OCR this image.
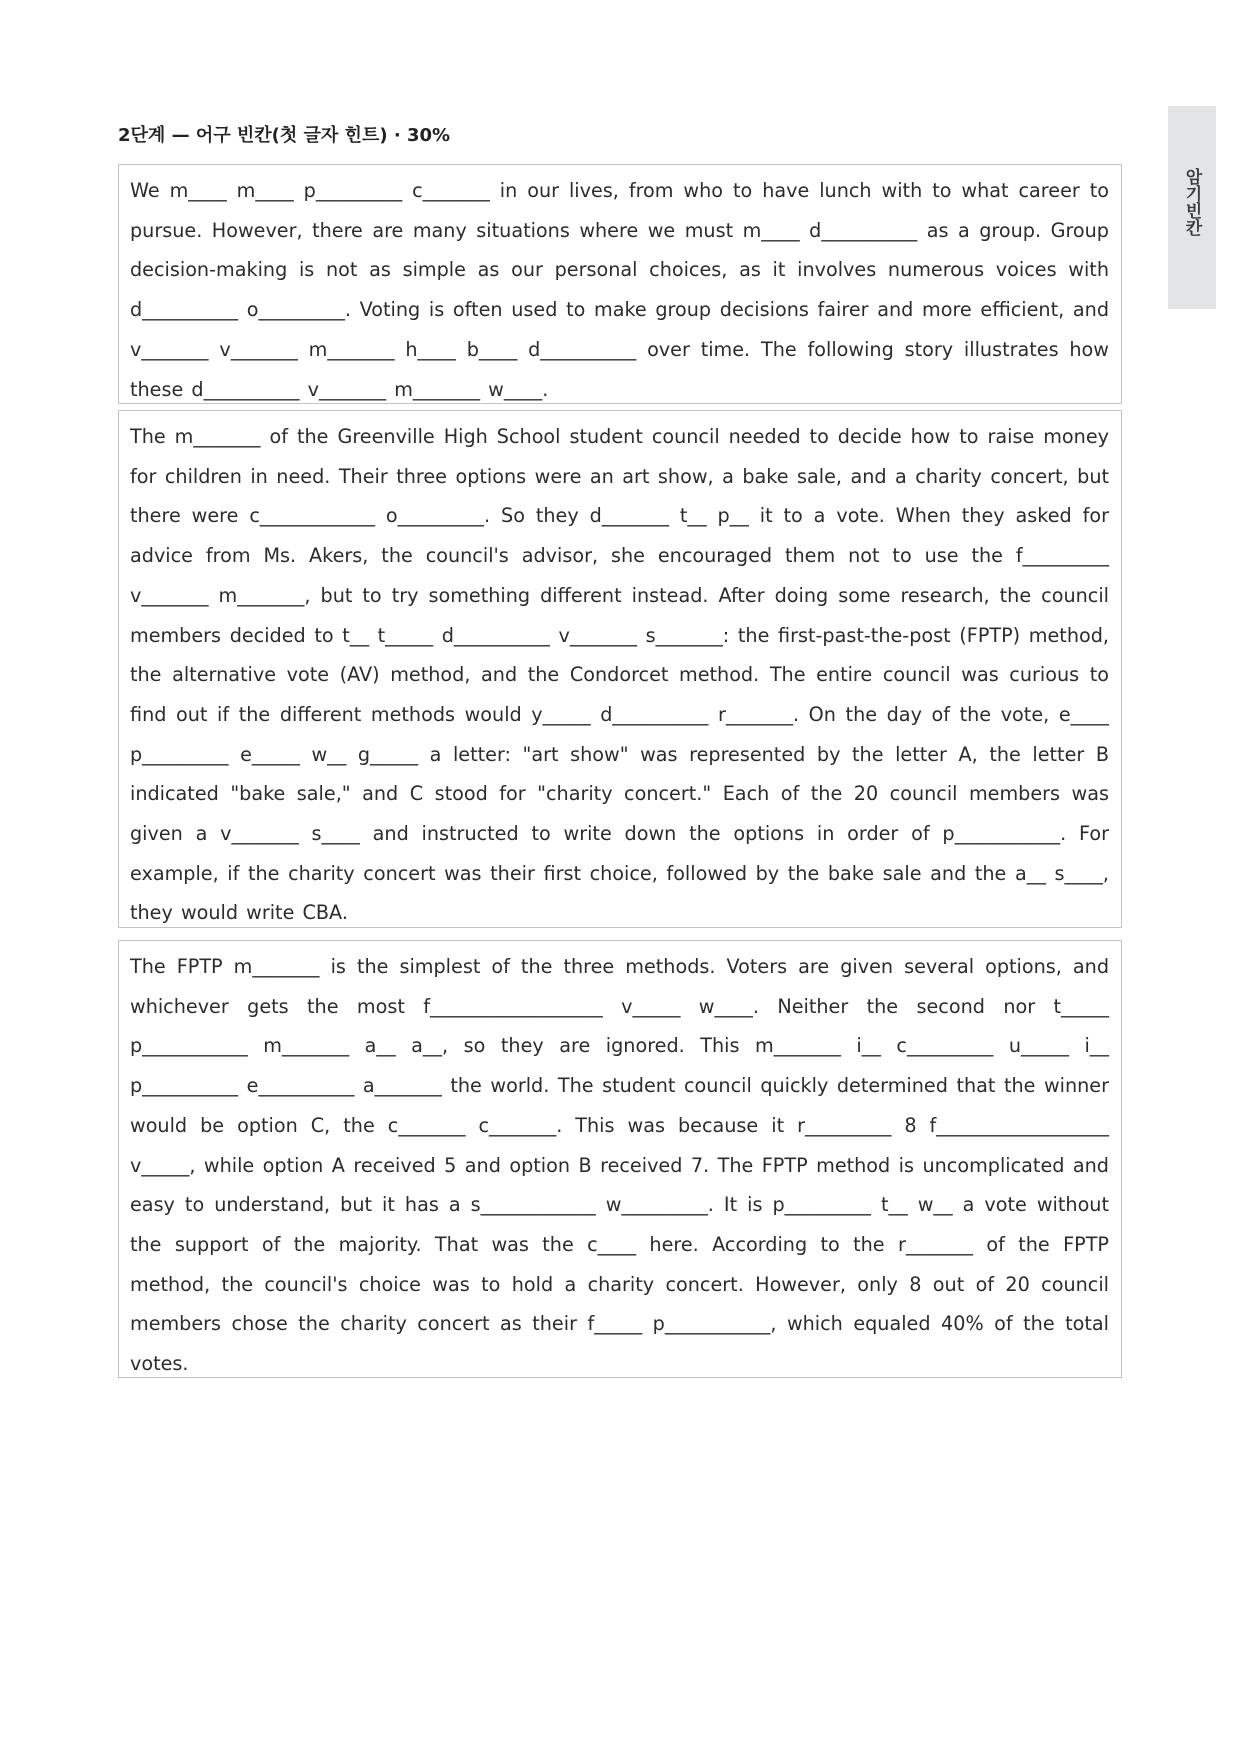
암기빈칸
2단계 — 어구 빈칸(첫 글자 힌트) · 30%

We m____ m____ p_________ c_______ in our lives, from who to have lunch with to what career to pursue. However, there are many situations where we must m____ d__________ as a group. Group decision-making is not as simple as our personal choices, as it involves numerous voices with d__________ o_________. Voting is often used to make group decisions fairer and more efficient, and v_______ v_______ m_______ h____ b____ d__________ over time. The following story illustrates how these d__________ v_______ m_______ w____.

The m_______ of the Greenville High School student council needed to decide how to raise money for children in need. Their three options were an art show, a bake sale, and a charity concert, but there were c____________ o_________. So they d_______ t__ p__ it to a vote. When they asked for advice from Ms. Akers, the council's advisor, she encouraged them not to use the f_________ v_______ m_______, but to try something different instead. After doing some research, the council members decided to t__ t_____ d__________ v_______ s_______: the first-past-the-post (FPTP) method, the alternative vote (AV) method, and the Condorcet method. The entire council was curious to find out if the different methods would y_____ d__________ r_______. On the day of the vote, e____ p_________ e_____ w__ g_____ a letter: "art show" was represented by the letter A, the letter B indicated "bake sale," and C stood for "charity concert." Each of the 20 council members was given a v_______ s____ and instructed to write down the options in order of p___________. For example, if the charity concert was their first choice, followed by the bake sale and the a__ s____, they would write CBA.

The FPTP m_______ is the simplest of the three methods. Voters are given several options, and whichever gets the most f__________________ v_____ w____. Neither the second nor t_____ p___________ m_______ a__ a__, so they are ignored. This m_______ i__ c_________ u_____ i__ p__________ e__________ a_______ the world. The student council quickly determined that the winner would be option C, the c_______ c_______. This was because it r_________ 8 f__________________ v_____, while option A received 5 and option B received 7. The FPTP method is uncomplicated and easy to understand, but it has a s____________ w_________. It is p_________ t__ w__ a vote without the support of the majority. That was the c____ here. According to the r_______ of the FPTP method, the council's choice was to hold a charity concert. However, only 8 out of 20 council members chose the charity concert as their f_____ p___________, which equaled 40% of the total votes.
